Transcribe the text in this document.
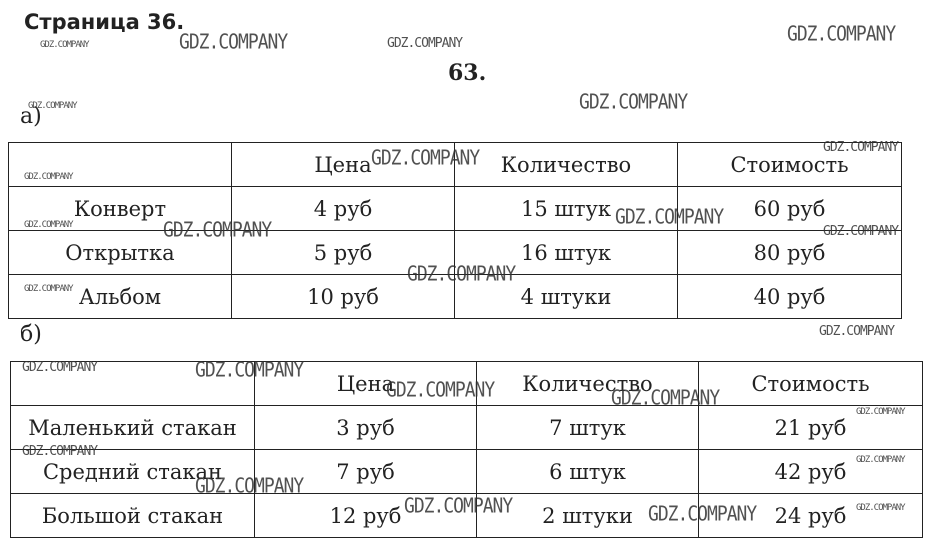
Страница 36.
63.
а)
	Цена	Количество	Стоимость
Конверт	4 руб	15 штук	60 руб
Открытка	5 руб	16 штук	80 руб
Альбом	10 руб	4 штуки	40 руб
б)
	Цена	Количество	Стоимость
Маленький стакан	3 руб	7 штук	21 руб
Средний стакан	7 руб	6 штук	42 руб
Большой стакан	12 руб	2 штуки	24 руб
GDZ.COMPANY	GDZ.COMPANY	GDZ.COMPANY	GDZ.COMPANY
GDZ.COMPANY
GDZ.COMPANY
GDZ.COMPANY
GDZ.COMPANY
GDZ.COMPANY
GDZ.COMPANY
GDZ.COMPANY	GDZ.COMPANY	GDZ.COMPANY
GDZ.COMPANY
GDZ.COMPANY
GDZ.COMPANY
GDZ.COMPANY	GDZ.COMPANY
GDZ.COMPANY	GDZ.COMPANY
GDZ.COMPANY
GDZ.COMPANY
GDZ.COMPANY
GDZ.COMPANY
GDZ.COMPANY	GDZ.COMPANY	GDZ.COMPANY
